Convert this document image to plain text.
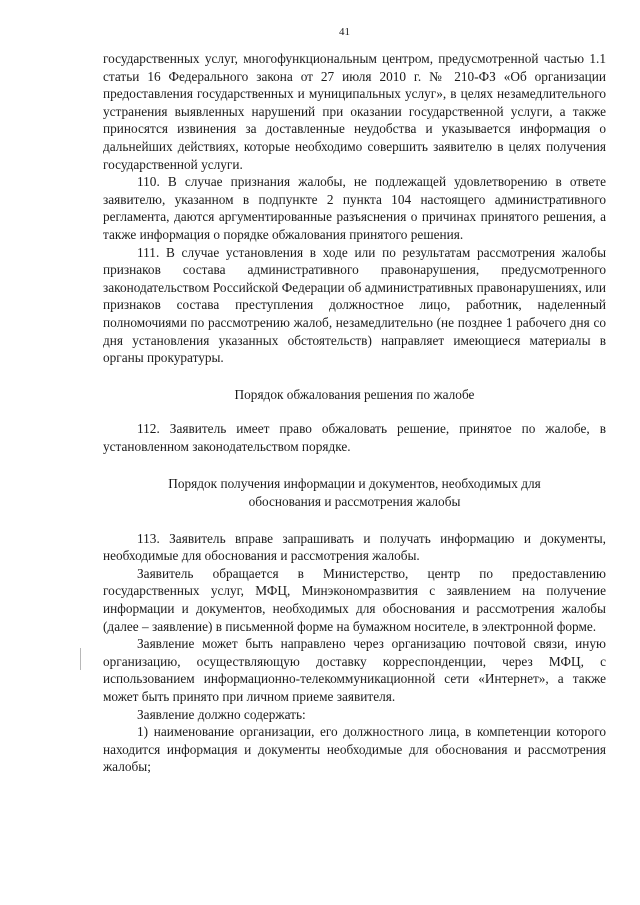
41

государственных услуг, многофункциональным центром, предусмотренной частью 1.1 статьи 16 Федерального закона от 27 июля 2010 г. № 210-ФЗ «Об организации предоставления государственных и муниципальных услуг», в целях незамедлительного устранения выявленных нарушений при оказании государственной услуги, а также приносятся извинения за доставленные неудобства и указывается информация о дальнейших действиях, которые необходимо совершить заявителю в целях получения государственной услуги.

110. В случае признания жалобы, не подлежащей удовлетворению в ответе заявителю, указанном в подпункте 2 пункта 104 настоящего административного регламента, даются аргументированные разъяснения о причинах принятого решения, а также информация о порядке обжалования принятого решения.

111. В случае установления в ходе или по результатам рассмотрения жалобы признаков состава административного правонарушения, предусмотренного законодательством Российской Федерации об административных правонарушениях, или признаков состава преступления должностное лицо, работник, наделенный полномочиями по рассмотрению жалоб, незамедлительно (не позднее 1 рабочего дня со дня установления указанных обстоятельств) направляет имеющиеся материалы в органы прокуратуры.

Порядок обжалования решения по жалобе

112. Заявитель имеет право обжаловать решение, принятое по жалобе, в установленном законодательством порядке.

Порядок получения информации и документов, необходимых для
обоснования и рассмотрения жалобы

113. Заявитель вправе запрашивать и получать информацию и документы, необходимые для обоснования и рассмотрения жалобы.

Заявитель обращается в Министерство, центр по предоставлению государственных услуг, МФЦ, Минэкономразвития с заявлением на получение информации и документов, необходимых для обоснования и рассмотрения жалобы (далее – заявление) в письменной форме на бумажном носителе, в электронной форме.

Заявление может быть направлено через организацию почтовой связи, иную организацию, осуществляющую доставку корреспонденции, через МФЦ, с использованием информационно-телекоммуникационной сети «Интернет», а также может быть принято при личном приеме заявителя.

Заявление должно содержать:

1) наименование организации, его должностного лица, в компетенции которого находится информация и документы необходимые для обоснования и рассмотрения жалобы;
